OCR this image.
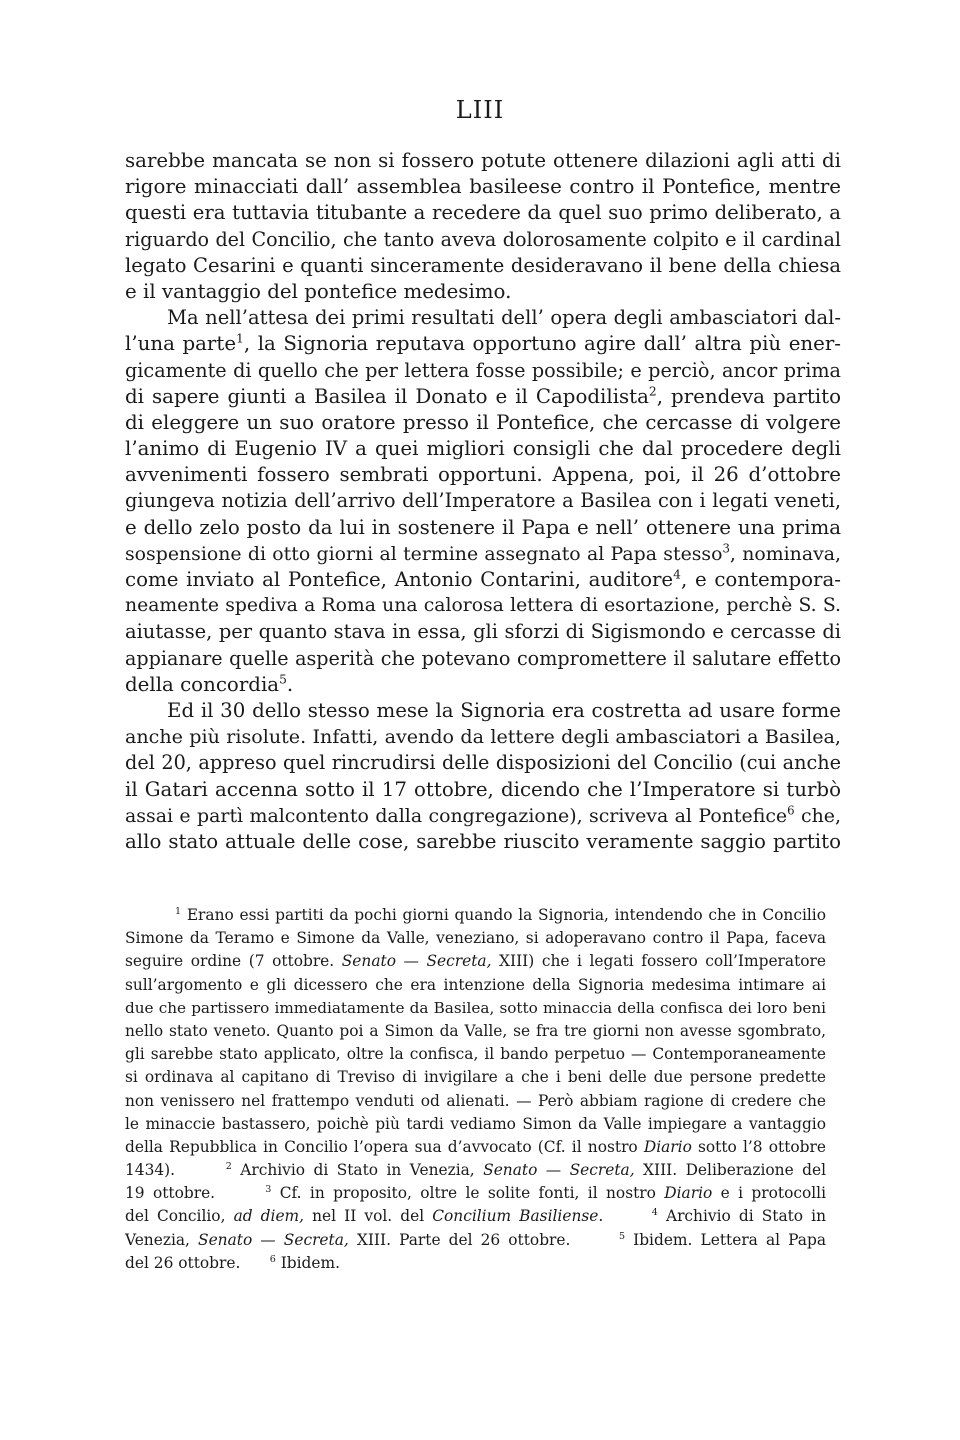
LIII
sarebbe mancata se non si fossero potute ottenere dilazioni agli atti di
rigore minacciati dall’ assemblea basileese contro il Pontefice, mentre
questi era tuttavia titubante a recedere da quel suo primo deliberato, a
riguardo del Concilio, che tanto aveva dolorosamente colpito e il cardinal
legato Cesarini e quanti sinceramente desideravano il bene della chiesa
e il vantaggio del pontefice medesimo.
Ma nell’attesa dei primi resultati dell’ opera degli ambasciatori dal-
l’una parte$^1$, la Signoria reputava opportuno agire dall’ altra più ener-
gicamente di quello che per lettera fosse possibile; e perciò, ancor prima
di sapere giunti a Basilea il Donato e il Capodilista$^2$, prendeva partito
di eleggere un suo oratore presso il Pontefice, che cercasse di volgere
l’animo di Eugenio IV a quei migliori consigli che dal procedere degli
avvenimenti fossero sembrati opportuni. Appena, poi, il 26 d’ottobre
giungeva notizia dell’arrivo dell’Imperatore a Basilea con i legati veneti,
e dello zelo posto da lui in sostenere il Papa e nell’ ottenere una prima
sospensione di otto giorni al termine assegnato al Papa stesso$^3$, nominava,
come inviato al Pontefice, Antonio Contarini, auditore$^4$, e contempora-
neamente spediva a Roma una calorosa lettera di esortazione, perchè S. S.
aiutasse, per quanto stava in essa, gli sforzi di Sigismondo e cercasse di
appianare quelle asperità che potevano compromettere il salutare effetto
della concordia$^5$.
Ed il 30 dello stesso mese la Signoria era costretta ad usare forme
anche più risolute. Infatti, avendo da lettere degli ambasciatori a Basilea,
del 20, appreso quel rincrudirsi delle disposizioni del Concilio (cui anche
il Gatari accenna sotto il 17 ottobre, dicendo che l’Imperatore si turbò
assai e partì malcontento dalla congregazione), scriveva al Pontefice$^6$ che,
allo stato attuale delle cose, sarebbe riuscito veramente saggio partito
$^1$ Erano essi partiti da pochi giorni quando la Signoria, intendendo che in Concilio
Simone da Teramo e Simone da Valle, veneziano, si adoperavano contro il Papa, faceva
seguire ordine (7 ottobre. Senato — Secreta, XIII) che i legati fossero coll’Imperatore
sull’argomento e gli dicessero che era intenzione della Signoria medesima intimare ai
due che partissero immediatamente da Basilea, sotto minaccia della confisca dei loro beni
nello stato veneto. Quanto poi a Simon da Valle, se fra tre giorni non avesse sgombrato,
gli sarebbe stato applicato, oltre la confisca, il bando perpetuo — Contemporaneamente
si ordinava al capitano di Treviso di invigilare a che i beni delle due persone predette
non venissero nel frattempo venduti od alienati. — Però abbiam ragione di credere che
le minaccie bastassero, poichè più tardi vediamo Simon da Valle impiegare a vantaggio
della Repubblica in Concilio l’opera sua d’avvocato (Cf. il nostro Diario sotto l’8 ottobre
1434).      $^2$ Archivio di Stato in Venezia, Senato — Secreta, XIII. Deliberazione del
19 ottobre.      $^3$ Cf. in proposito, oltre le solite fonti, il nostro Diario e i protocolli
del Concilio, ad diem, nel II vol. del Concilium Basiliense.	$^4$ Archivio di Stato in
Venezia, Senato — Secreta, XIII. Parte del 26 ottobre.      $^5$ Ibidem. Lettera al Papa
del 26 ottobre.      $^6$ Ibidem.
